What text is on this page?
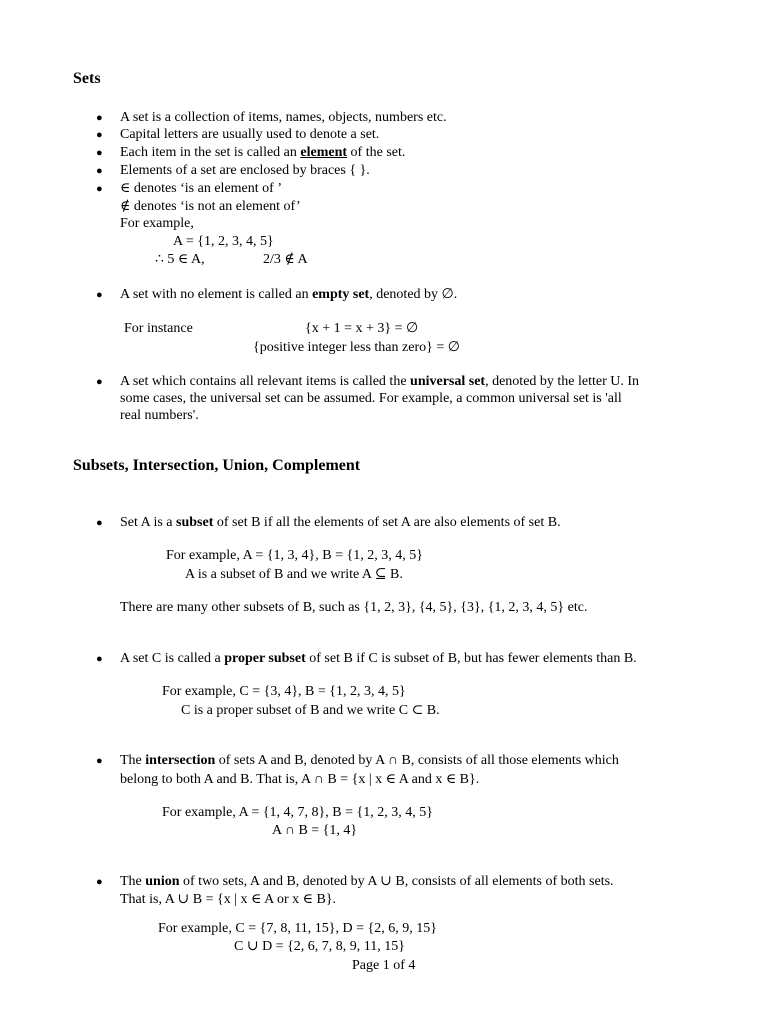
Sets
● A set is a collection of items, names, objects, numbers etc.
● Capital letters are usually used to denote a set.
● Each item in the set is called an element of the set.
● Elements of a set are enclosed by braces { }.
● ∈ denotes ‘is an element of ’
∉ denotes ‘is not an element of’
For example,
A = {1, 2, 3, 4, 5}
∴ 5 ∈ A,	2/3 ∉ A
● A set with no element is called an empty set, denoted by ∅.
For instance	{x + 1 = x + 3} = ∅
{positive integer less than zero} = ∅
● A set which contains all relevant items is called the universal set, denoted by the letter U. In
some cases, the universal set can be assumed. For example, a common universal set is 'all
real numbers'.
Subsets, Intersection, Union, Complement
● Set A is a subset of set B if all the elements of set A are also elements of set B.
For example, A = {1, 3, 4}, B = {1, 2, 3, 4, 5}
A is a subset of B and we write A ⊆ B.
There are many other subsets of B, such as {1, 2, 3}, {4, 5}, {3}, {1, 2, 3, 4, 5} etc.
● A set C is called a proper subset of set B if C is subset of B, but has fewer elements than B.
For example, C = {3, 4}, B = {1, 2, 3, 4, 5}
C is a proper subset of B and we write C ⊂ B.
● The intersection of sets A and B, denoted by A ∩ B, consists of all those elements which
belong to both A and B. That is, A ∩ B = {x | x ∈ A and x ∈ B}.
For example, A = {1, 4, 7, 8}, B = {1, 2, 3, 4, 5}
A ∩ B = {1, 4}
● The union of two sets, A and B, denoted by A ∪ B, consists of all elements of both sets.
That is, A ∪ B = {x | x ∈ A or x ∈ B}.
For example, C = {7, 8, 11, 15}, D = {2, 6, 9, 15}
C ∪ D = {2, 6, 7, 8, 9, 11, 15}
Page 1 of 4
